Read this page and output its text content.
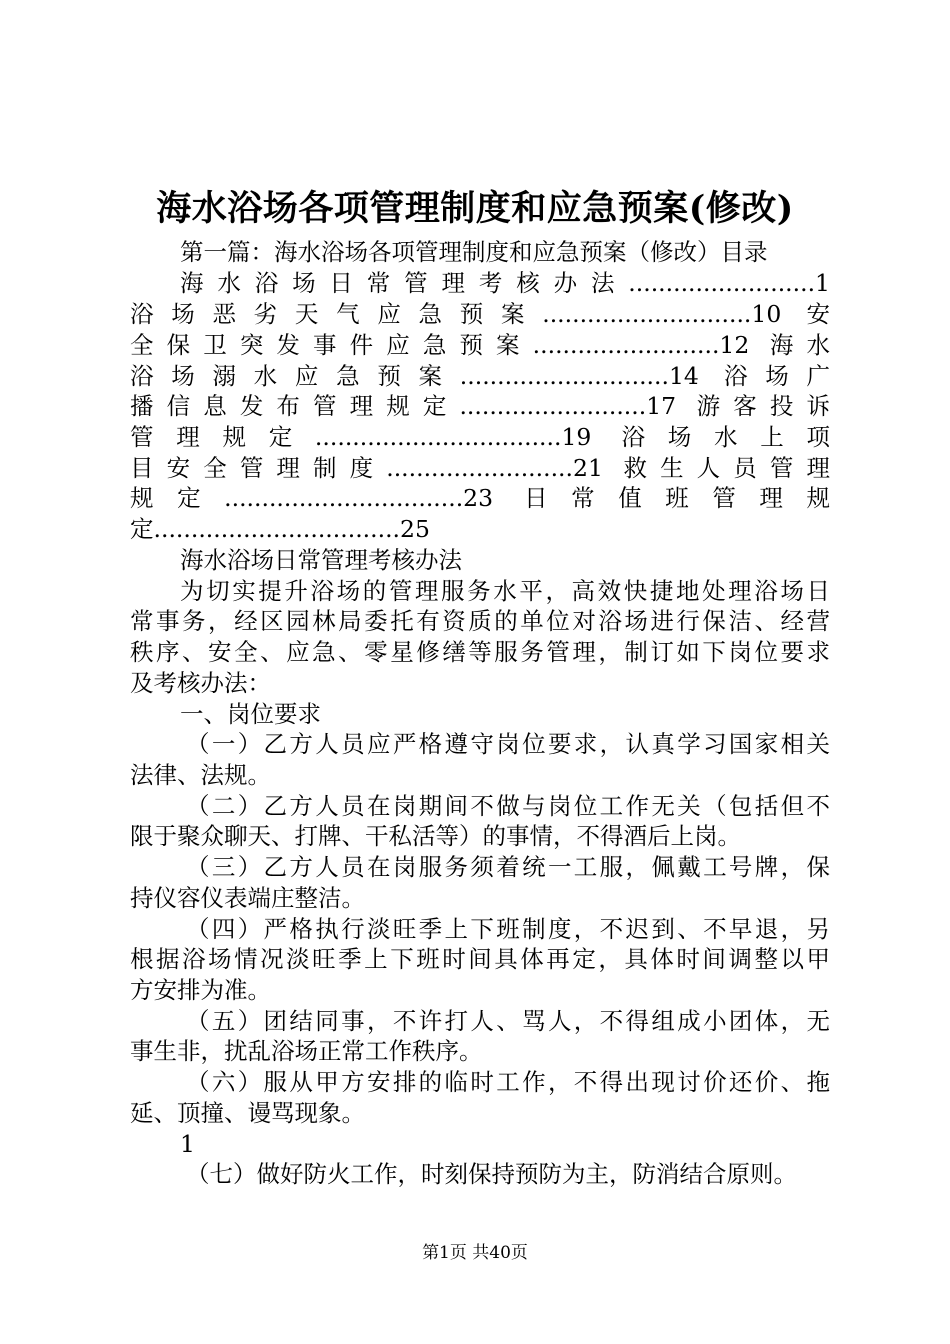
海水浴场各项管理制度和应急预案(修改)
第一篇：海水浴场各项管理制度和应急预案（修改）目录
海水浴场日常管理考核办法.........................1
浴场恶劣天气应急预案............................10 安
全保卫突发事件应急预案.........................12 海水
浴场溺水应急预案............................14 浴场广
播信息发布管理规定.........................17 游客投诉
管理规定.................................19 浴场水上项
目安全管理制度.........................21 救生人员管理
规定................................23 日常值班管理规
定.................................25
海水浴场日常管理考核办法
为切实提升浴场的管理服务水平，高效快捷地处理浴场日
常事务，经区园林局委托有资质的单位对浴场进行保洁、经营
秩序、安全、应急、零星修缮等服务管理，制订如下岗位要求
及考核办法：
一、岗位要求
（一）乙方人员应严格遵守岗位要求，认真学习国家相关
法律、法规。
（二）乙方人员在岗期间不做与岗位工作无关（包括但不
限于聚众聊天、打牌、干私活等）的事情，不得酒后上岗。
（三）乙方人员在岗服务须着统一工服，佩戴工号牌，保
持仪容仪表端庄整洁。
（四）严格执行淡旺季上下班制度，不迟到、不早退，另
根据浴场情况淡旺季上下班时间具体再定，具体时间调整以甲
方安排为准。
（五）团结同事，不许打人、骂人，不得组成小团体，无
事生非，扰乱浴场正常工作秩序。
（六）服从甲方安排的临时工作，不得出现讨价还价、拖
延、顶撞、谩骂现象。
1
（七）做好防火工作，时刻保持预防为主，防消结合原则。
第1页 共40页
